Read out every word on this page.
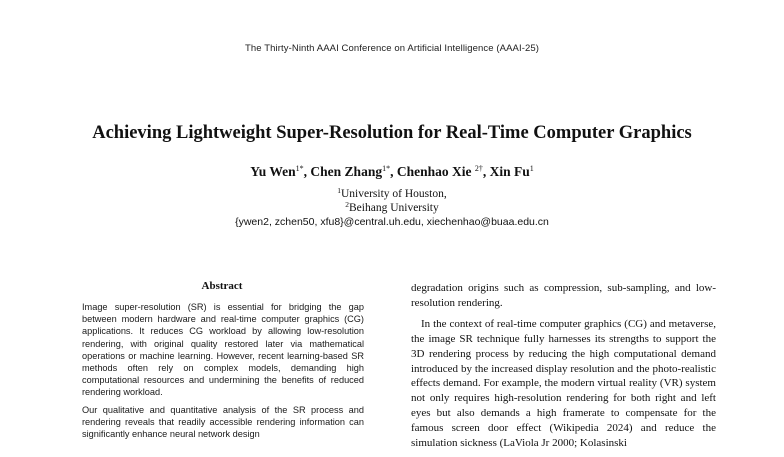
The Thirty-Ninth AAAI Conference on Artificial Intelligence (AAAI-25)
Achieving Lightweight Super-Resolution for Real-Time Computer Graphics
Yu Wen$^{1*}$, Chen Zhang$^{1*}$, Chenhao Xie $^{2\dagger}$, Xin Fu$^1$
$^1$University of Houston,
$^2$Beihang University
{ywen2, zchen50, xfu8}@central.uh.edu, xiechenhao@buaa.edu.cn
Abstract

Image super-resolution (SR) is essential for bridging the gap between modern hardware and real-time computer graphics (CG) applications. It reduces CG workload by allowing low-resolution rendering, with original quality restored later via mathematical operations or machine learning. However, recent learning-based SR methods often rely on complex models, demanding high computational resources and undermining the benefits of reduced rendering workload.

Our qualitative and quantitative analysis of the SR process and rendering reveals that readily accessible rendering information can significantly enhance neural network design

degradation origins such as compression, sub-sampling, and low-resolution rendering.

In the context of real-time computer graphics (CG) and metaverse, the image SR technique fully harnesses its strengths to support the 3D rendering process by reducing the high computational demand introduced by the increased display resolution and the photo-realistic effects demand. For example, the modern virtual reality (VR) system not only requires high-resolution rendering for both right and left eyes but also demands a high framerate to compensate for the famous screen door effect (Wikipedia 2024) and reduce the simulation sickness (LaViola Jr 2000; Kolasinski
